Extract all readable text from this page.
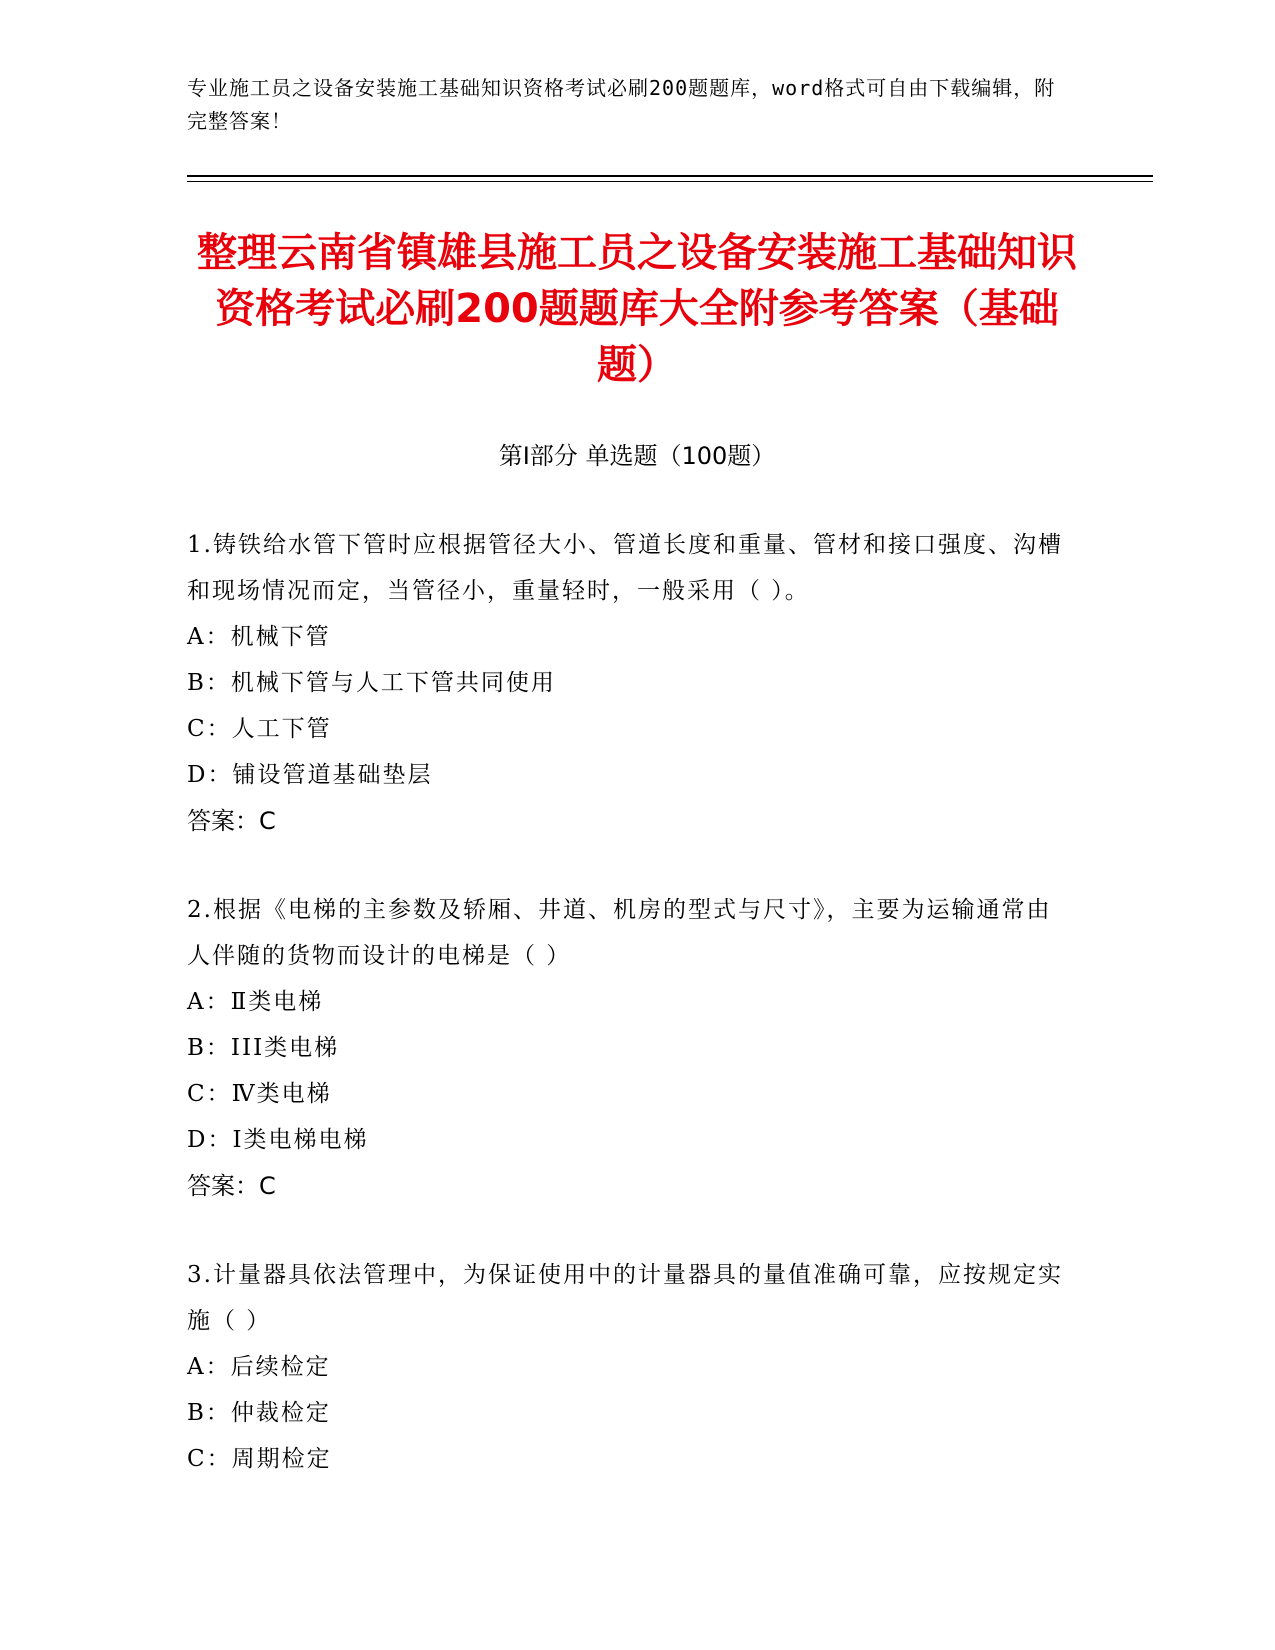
专业施工员之设备安装施工基础知识资格考试必刷200题题库，word格式可自由下载编辑，附完整答案！
整理云南省镇雄县施工员之设备安装施工基础知识资格考试必刷200题题库大全附参考答案（基础题）
第Ⅰ部分 单选题（100题）
1.铸铁给水管下管时应根据管径大小、管道长度和重量、管材和接口强度、沟槽和现场情况而定，当管径小，重量轻时，一般采用（ ）。
A：机械下管
B：机械下管与人工下管共同使用
C：人工下管
D：铺设管道基础垫层
答案：C
2.根据《电梯的主参数及轿厢、井道、机房的型式与尺寸》，主要为运输通常由人伴随的货物而设计的电梯是（ ）
A：Ⅱ类电梯
B：III类电梯
C：Ⅳ类电梯
D：Ⅰ类电梯电梯
答案：C
3.计量器具依法管理中，为保证使用中的计量器具的量值准确可靠，应按规定实施（ ）
A：后续检定
B：仲裁检定
C：周期检定
